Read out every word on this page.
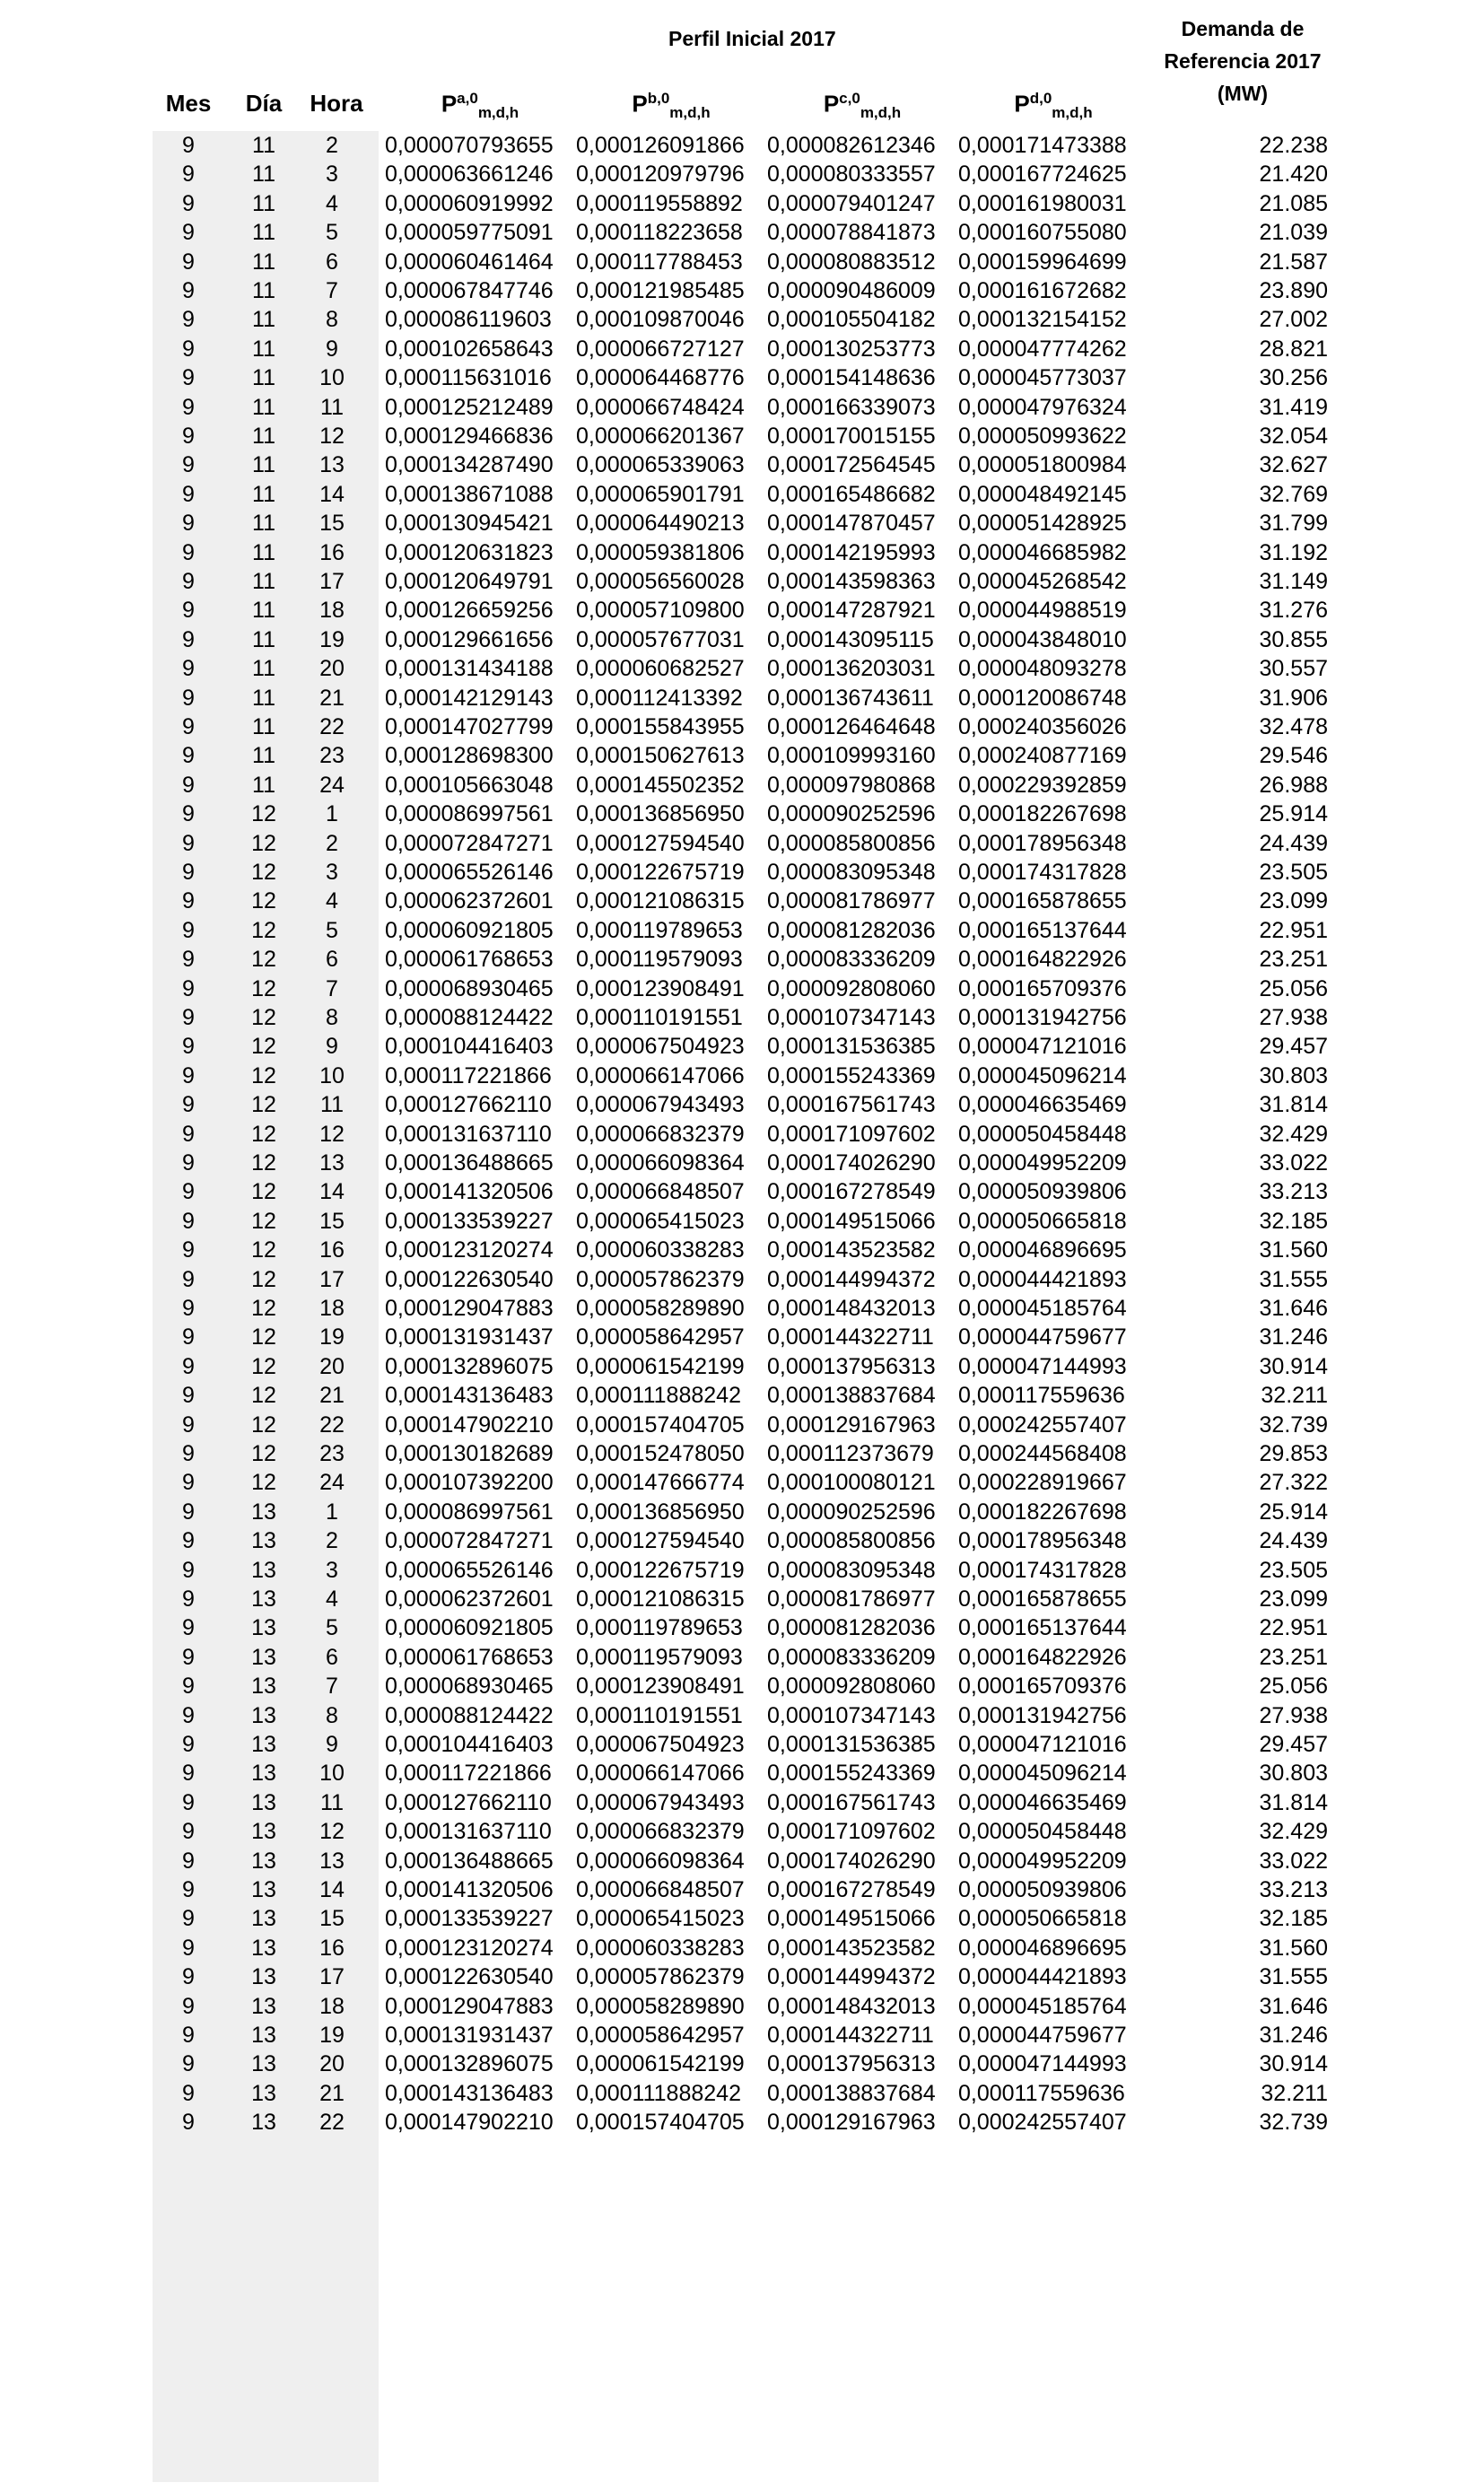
Perfil Inicial 2017	Demanda de
Referencia 2017
(MW)
Mes	Día	Hora	P$^{a,0}_{m,d,h}$	P$^{b,0}_{m,d,h}$	P$^{c,0}_{m,d,h}$	P$^{d,0}_{m,d,h}$
9	11	2	0,000070793655 0,000126091866 0,000082612346 0,000171473388	22.238
9	11	3	0,000063661246 0,000120979796 0,000080333557 0,000167724625	21.420
9	11	4	0,000060919992 0,000119558892 0,000079401247 0,000161980031	21.085
9	11	5	0,000059775091 0,000118223658 0,000078841873 0,000160755080	21.039
9	11	6	0,000060461464 0,000117788453 0,000080883512 0,000159964699	21.587
9	11	7	0,000067847746 0,000121985485 0,000090486009 0,000161672682	23.890
9	11	8	0,000086119603 0,000109870046 0,000105504182 0,000132154152	27.002
9	11	9	0,000102658643 0,000066727127 0,000130253773 0,000047774262	28.821
9	11	10	0,000115631016 0,000064468776 0,000154148636 0,000045773037	30.256
9	11	11	0,000125212489 0,000066748424 0,000166339073 0,000047976324	31.419
9	11	12	0,000129466836 0,000066201367 0,000170015155 0,000050993622	32.054
9	11	13	0,000134287490 0,000065339063 0,000172564545 0,000051800984	32.627
9	11	14	0,000138671088 0,000065901791 0,000165486682 0,000048492145	32.769
9	11	15	0,000130945421 0,000064490213 0,000147870457 0,000051428925	31.799
9	11	16	0,000120631823 0,000059381806 0,000142195993 0,000046685982	31.192
9	11	17	0,000120649791 0,000056560028 0,000143598363 0,000045268542	31.149
9	11	18	0,000126659256 0,000057109800 0,000147287921 0,000044988519	31.276
9	11	19	0,000129661656 0,000057677031 0,000143095115 0,000043848010	30.855
9	11	20	0,000131434188 0,000060682527 0,000136203031 0,000048093278	30.557
9	11	21	0,000142129143 0,000112413392 0,000136743611 0,000120086748	31.906
9	11	22	0,000147027799 0,000155843955 0,000126464648 0,000240356026	32.478
9	11	23	0,000128698300 0,000150627613 0,000109993160 0,000240877169	29.546
9	11	24	0,000105663048 0,000145502352 0,000097980868 0,000229392859	26.988
9	12	1	0,000086997561 0,000136856950 0,000090252596 0,000182267698	25.914
9	12	2	0,000072847271 0,000127594540 0,000085800856 0,000178956348	24.439
9	12	3	0,000065526146 0,000122675719 0,000083095348 0,000174317828	23.505
9	12	4	0,000062372601 0,000121086315 0,000081786977 0,000165878655	23.099
9	12	5	0,000060921805 0,000119789653 0,000081282036 0,000165137644	22.951
9	12	6	0,000061768653 0,000119579093 0,000083336209 0,000164822926	23.251
9	12	7	0,000068930465 0,000123908491 0,000092808060 0,000165709376	25.056
9	12	8	0,000088124422 0,000110191551 0,000107347143 0,000131942756	27.938
9	12	9	0,000104416403 0,000067504923 0,000131536385 0,000047121016	29.457
9	12	10	0,000117221866 0,000066147066 0,000155243369 0,000045096214	30.803
9	12	11	0,000127662110 0,000067943493 0,000167561743 0,000046635469	31.814
9	12	12	0,000131637110 0,000066832379 0,000171097602 0,000050458448	32.429
9	12	13	0,000136488665 0,000066098364 0,000174026290 0,000049952209	33.022
9	12	14	0,000141320506 0,000066848507 0,000167278549 0,000050939806	33.213
9	12	15	0,000133539227 0,000065415023 0,000149515066 0,000050665818	32.185
9	12	16	0,000123120274 0,000060338283 0,000143523582 0,000046896695	31.560
9	12	17	0,000122630540 0,000057862379 0,000144994372 0,000044421893	31.555
9	12	18	0,000129047883 0,000058289890 0,000148432013 0,000045185764	31.646
9	12	19	0,000131931437 0,000058642957 0,000144322711 0,000044759677	31.246
9	12	20	0,000132896075 0,000061542199 0,000137956313 0,000047144993	30.914
9	12	21	0,000143136483 0,000111888242 0,000138837684 0,000117559636	32.211
9	12	22	0,000147902210 0,000157404705 0,000129167963 0,000242557407	32.739
9	12	23	0,000130182689 0,000152478050 0,000112373679 0,000244568408	29.853
9	12	24	0,000107392200 0,000147666774 0,000100080121 0,000228919667	27.322
9	13	1	0,000086997561 0,000136856950 0,000090252596 0,000182267698	25.914
9	13	2	0,000072847271 0,000127594540 0,000085800856 0,000178956348	24.439
9	13	3	0,000065526146 0,000122675719 0,000083095348 0,000174317828	23.505
9	13	4	0,000062372601 0,000121086315 0,000081786977 0,000165878655	23.099
9	13	5	0,000060921805 0,000119789653 0,000081282036 0,000165137644	22.951
9	13	6	0,000061768653 0,000119579093 0,000083336209 0,000164822926	23.251
9	13	7	0,000068930465 0,000123908491 0,000092808060 0,000165709376	25.056
9	13	8	0,000088124422 0,000110191551 0,000107347143 0,000131942756	27.938
9	13	9	0,000104416403 0,000067504923 0,000131536385 0,000047121016	29.457
9	13	10	0,000117221866 0,000066147066 0,000155243369 0,000045096214	30.803
9	13	11	0,000127662110 0,000067943493 0,000167561743 0,000046635469	31.814
9	13	12	0,000131637110 0,000066832379 0,000171097602 0,000050458448	32.429
9	13	13	0,000136488665 0,000066098364 0,000174026290 0,000049952209	33.022
9	13	14	0,000141320506 0,000066848507 0,000167278549 0,000050939806	33.213
9	13	15	0,000133539227 0,000065415023 0,000149515066 0,000050665818	32.185
9	13	16	0,000123120274 0,000060338283 0,000143523582 0,000046896695	31.560
9	13	17	0,000122630540 0,000057862379 0,000144994372 0,000044421893	31.555
9	13	18	0,000129047883 0,000058289890 0,000148432013 0,000045185764	31.646
9	13	19	0,000131931437 0,000058642957 0,000144322711 0,000044759677	31.246
9	13	20	0,000132896075 0,000061542199 0,000137956313 0,000047144993	30.914
9	13	21	0,000143136483 0,000111888242 0,000138837684 0,000117559636	32.211
9	13	22	0,000147902210 0,000157404705 0,000129167963 0,000242557407	32.739
